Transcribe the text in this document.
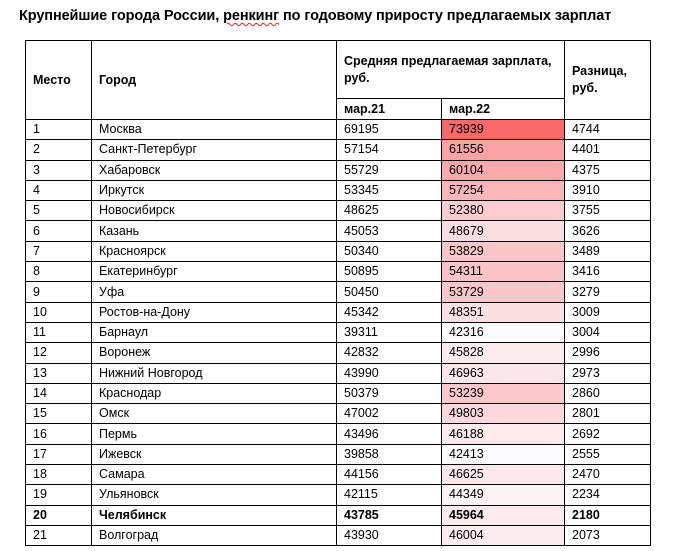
Крупнейшие города России, ренкинг по годовому приросту предлагаемых зарплат
Место	Город	Средняя предлагаемая зарплата, руб.		Разница, руб.
		мар.21	мар.22	
1	Москва	69195	73939	4744
2	Санкт-Петербург	57154	61556	4401
3	Хабаровск	55729	60104	4375
4	Иркутск	53345	57254	3910
5	Новосибирск	48625	52380	3755
6	Казань	45053	48679	3626
7	Красноярск	50340	53829	3489
8	Екатеринбург	50895	54311	3416
9	Уфа	50450	53729	3279
10	Ростов-на-Дону	45342	48351	3009
11	Барнаул	39311	42316	3004
12	Воронеж	42832	45828	2996
13	Нижний Новгород	43990	46963	2973
14	Краснодар	50379	53239	2860
15	Омск	47002	49803	2801
16	Пермь	43496	46188	2692
17	Ижевск	39858	42413	2555
18	Самара	44156	46625	2470
19	Ульяновск	42115	44349	2234
20	Челябинск	43785	45964	2180
21	Волгоград	43930	46004	2073
